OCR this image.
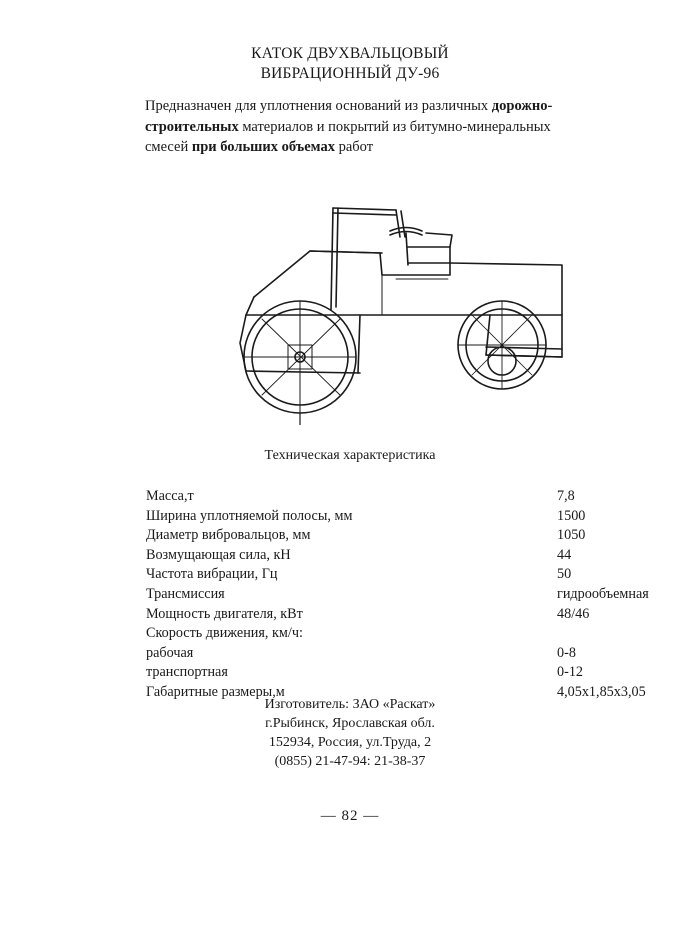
КАТОК ДВУХВАЛЬЦОВЫЙ
ВИБРАЦИОННЫЙ ДУ-96
Предназначен для уплотнения оснований из различных дорожно-строительных материалов и покрытий из битумно-минеральных смесей при больших объемах работ
Техническая характеристика
Масса,т
Ширина уплотняемой полосы, мм
Диаметр вибровальцов, мм
Возмущающая сила, кН
Частота вибрации, Гц
Трансмиссия
Мощность двигателя, кВт
Скорость движения, км/ч:
рабочая
транспортная
Габаритные размеры,м
7,8
1500
1050
44
50
гидрообъемная
48/46

0-8
0-12
4,05х1,85х3,05
Изготовитель: ЗАО «Раскат»
г.Рыбинск, Ярославская обл.
152934, Россия, ул.Труда, 2
(0855) 21-47-94: 21-38-37
— 82 —
